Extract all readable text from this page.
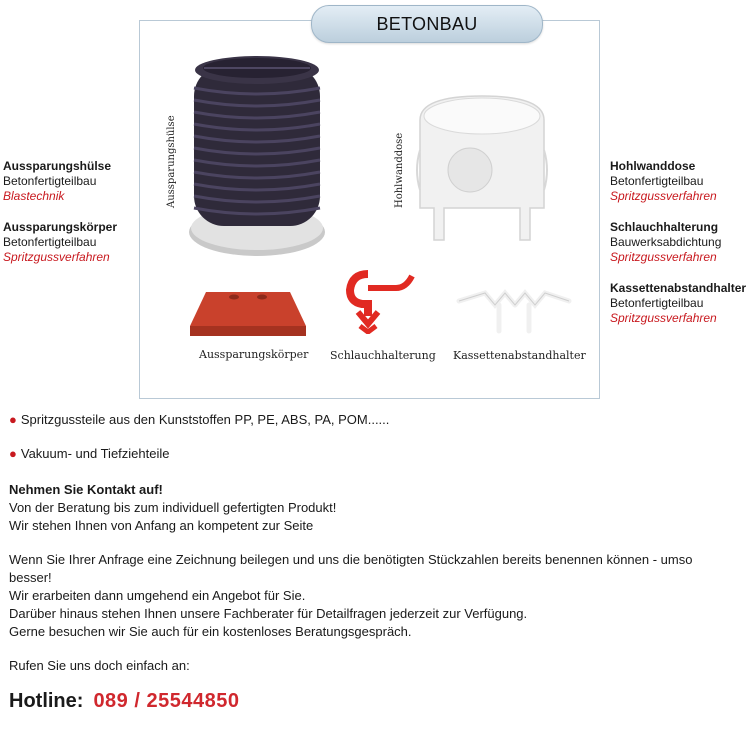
BETONBAU
Aussparungshülse	Hohlwanddose
Aussparungskörper Schlauchhalterung Kassettenabstandhalter
Aussparungshülse
Betonfertigteilbau
Blastechnik
Aussparungskörper
Betonfertigteilbau
Spritzgussverfahren
Hohlwanddose
Betonfertigteilbau
Spritzgussverfahren
Schlauchhalterung
Bauwerksabdichtung
Spritzgussverfahren
Kassettenabstandhalter
Betonfertigteilbau
Spritzgussverfahren
● Spritzgussteile aus den Kunststoffen PP, PE, ABS, PA, POM......
● Vakuum- und Tiefziehteile
Nehmen Sie Kontakt auf!
Von der Beratung bis zum individuell gefertigten Produkt!
Wir stehen Ihnen von Anfang an kompetent zur Seite
Wenn Sie Ihrer Anfrage eine Zeichnung beilegen und uns die benötigten Stückzahlen bereits benennen können - umso besser!
Wir erarbeiten dann umgehend ein Angebot für Sie.
Darüber hinaus stehen Ihnen unsere Fachberater für Detailfragen jederzeit zur Verfügung.
Gerne besuchen wir Sie auch für ein kostenloses Beratungsgespräch.
Rufen Sie uns doch einfach an:
Hotline: 089 / 25544850
